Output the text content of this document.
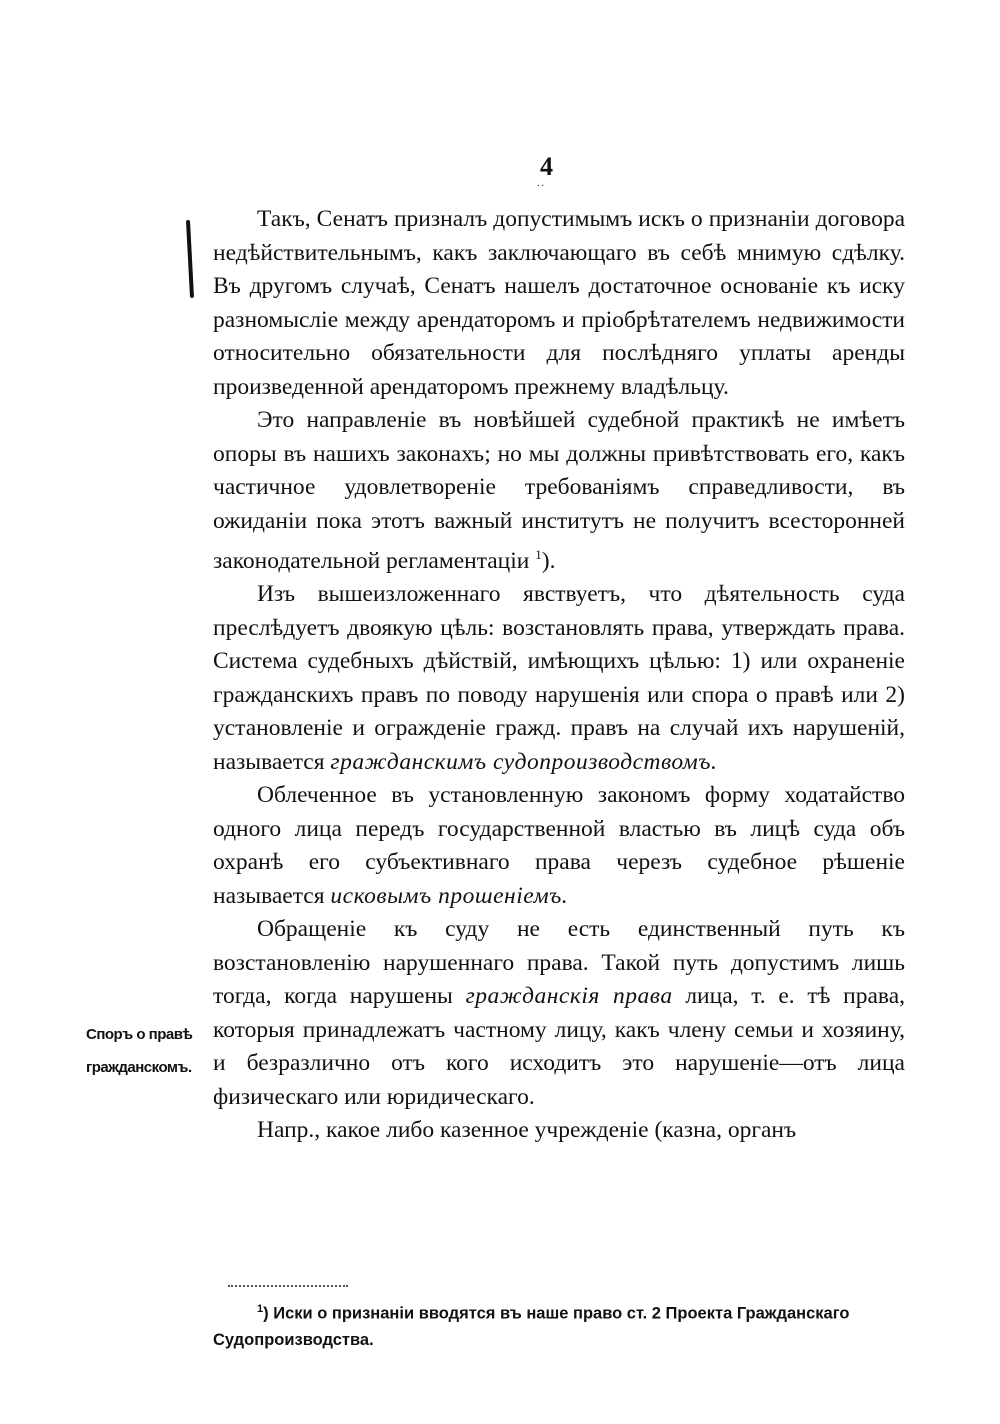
4
..

Такъ, Сенатъ призналъ допустимымъ искъ о признаніи договора недѣйствительнымъ, какъ заключающаго въ себѣ мнимую сдѣлку. Въ другомъ случаѣ, Сенатъ нашелъ достаточное основаніе къ иску разномысліе между арендаторомъ и пріобрѣтателемъ недвижимости относительно обязательности для послѣдняго уплаты аренды произведенной арендаторомъ прежнему владѣльцу.

Это направленіе въ новѣйшей судебной практикѣ не имѣетъ опоры въ нашихъ законахъ; но мы должны привѣтствовать его, какъ частичное удовлетвореніе требованіямъ справедливости, въ ожиданіи пока этотъ важный институтъ не получитъ всесторонней законодательной регламентаціи $^1$).

Изъ вышеизложеннаго явствуетъ, что дѣятельность суда преслѣдуетъ двоякую цѣль: возстановлять права, утверждать права. Система судебныхъ дѣйствій, имѣющихъ цѣлью: 1) или охраненіе гражданскихъ правъ по поводу нарушенія или спора о правѣ или 2) установленіе и огражденіе гражд. правъ на случай ихъ нарушеній, называется гражданскимъ судопроизводствомъ.

Облеченное въ установленную закономъ форму ходатайство одного лица передъ государственной властью въ лицѣ суда объ охранѣ его субъективнаго права черезъ судебное рѣшеніе называется исковымъ прошеніемъ.

Обращеніе къ суду не есть единственный путь къ возстановленію нарушеннаго права. Такой путь допустимъ лишь тогда, когда нарушены гражданскія права лица, т. е. тѣ права, которыя принадлежатъ частному лицу, какъ члену семьи и хозяину, и безразлично отъ кого исходитъ это нарушеніе—отъ лица физическаго или юридическаго.

Напр., какое либо казенное учрежденіе (казна, органъ

Споръ о правѣ
гражданскомъ.

$^1$) Иски о признаніи вводятся въ наше право ст. 2 Проекта Гражданскаго Судопроизводства.
